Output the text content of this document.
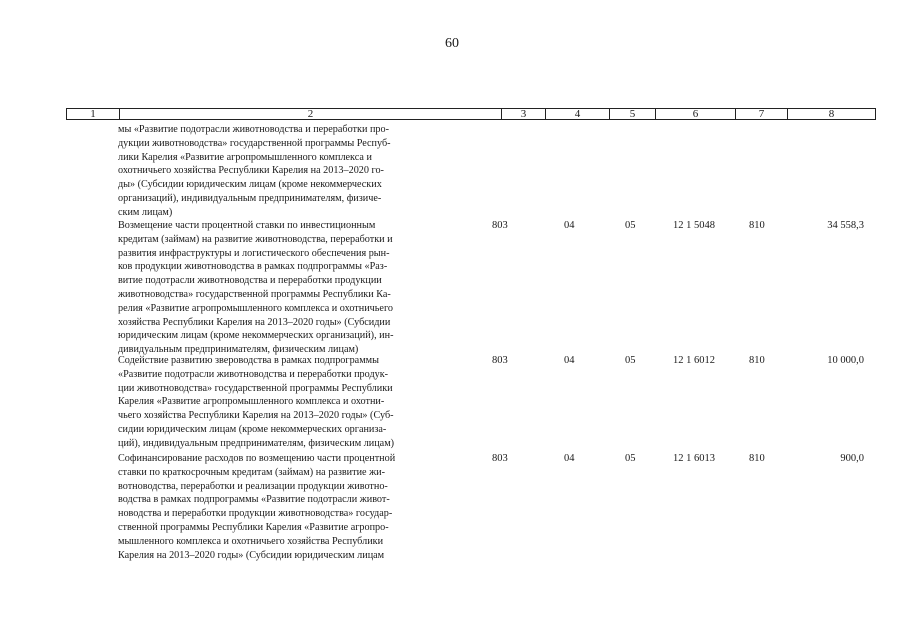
60
1	2	3	4	5	6	7	8
мы «Развитие подотрасли животноводства и переработки про-
дукции животноводства» государственной программы Респуб-
лики Карелия «Развитие агропромышленного комплекса и
охотничьего хозяйства Республики Карелия на 2013–2020 го-
ды» (Субсидии юридическим лицам (кроме некоммерческих
организаций), индивидуальным предпринимателям, физиче-
ским лицам)
Возмещение части процентной ставки по инвестиционным
кредитам (займам) на развитие животноводства, переработки и
развития инфраструктуры и логистического обеспечения рын-
ков продукции животноводства в рамках подпрограммы «Раз-
витие подотрасли животноводства и переработки продукции
животноводства» государственной программы Республики Ка-
релия «Развитие агропромышленного комплекса и охотничьего
хозяйства Республики Карелия на 2013–2020 годы» (Субсидии
юридическим лицам (кроме некоммерческих организаций), ин-
дивидуальным предпринимателям, физическим лицам)
803	04	05	12 1 5048	810	34 558,3
Содействие развитию звероводства в рамках подпрограммы
«Развитие подотрасли животноводства и переработки продук-
ции животноводства» государственной программы Республики
Карелия «Развитие агропромышленного комплекса и охотни-
чьего хозяйства Республики Карелия на 2013–2020 годы» (Суб-
сидии юридическим лицам (кроме некоммерческих организа-
ций), индивидуальным предпринимателям, физическим лицам)
803	04	05	12 1 6012	810	10 000,0
Софинансирование расходов по возмещению части процентной
ставки по краткосрочным кредитам (займам) на развитие жи-
вотноводства, переработки и реализации продукции животно-
водства в рамках подпрограммы «Развитие подотрасли живот-
новодства и переработки продукции животноводства» государ-
ственной программы Республики Карелия «Развитие агропро-
мышленного комплекса и охотничьего хозяйства Республики
Карелия на 2013–2020 годы» (Субсидии юридическим лицам
803	04	05	12 1 6013	810	900,0
